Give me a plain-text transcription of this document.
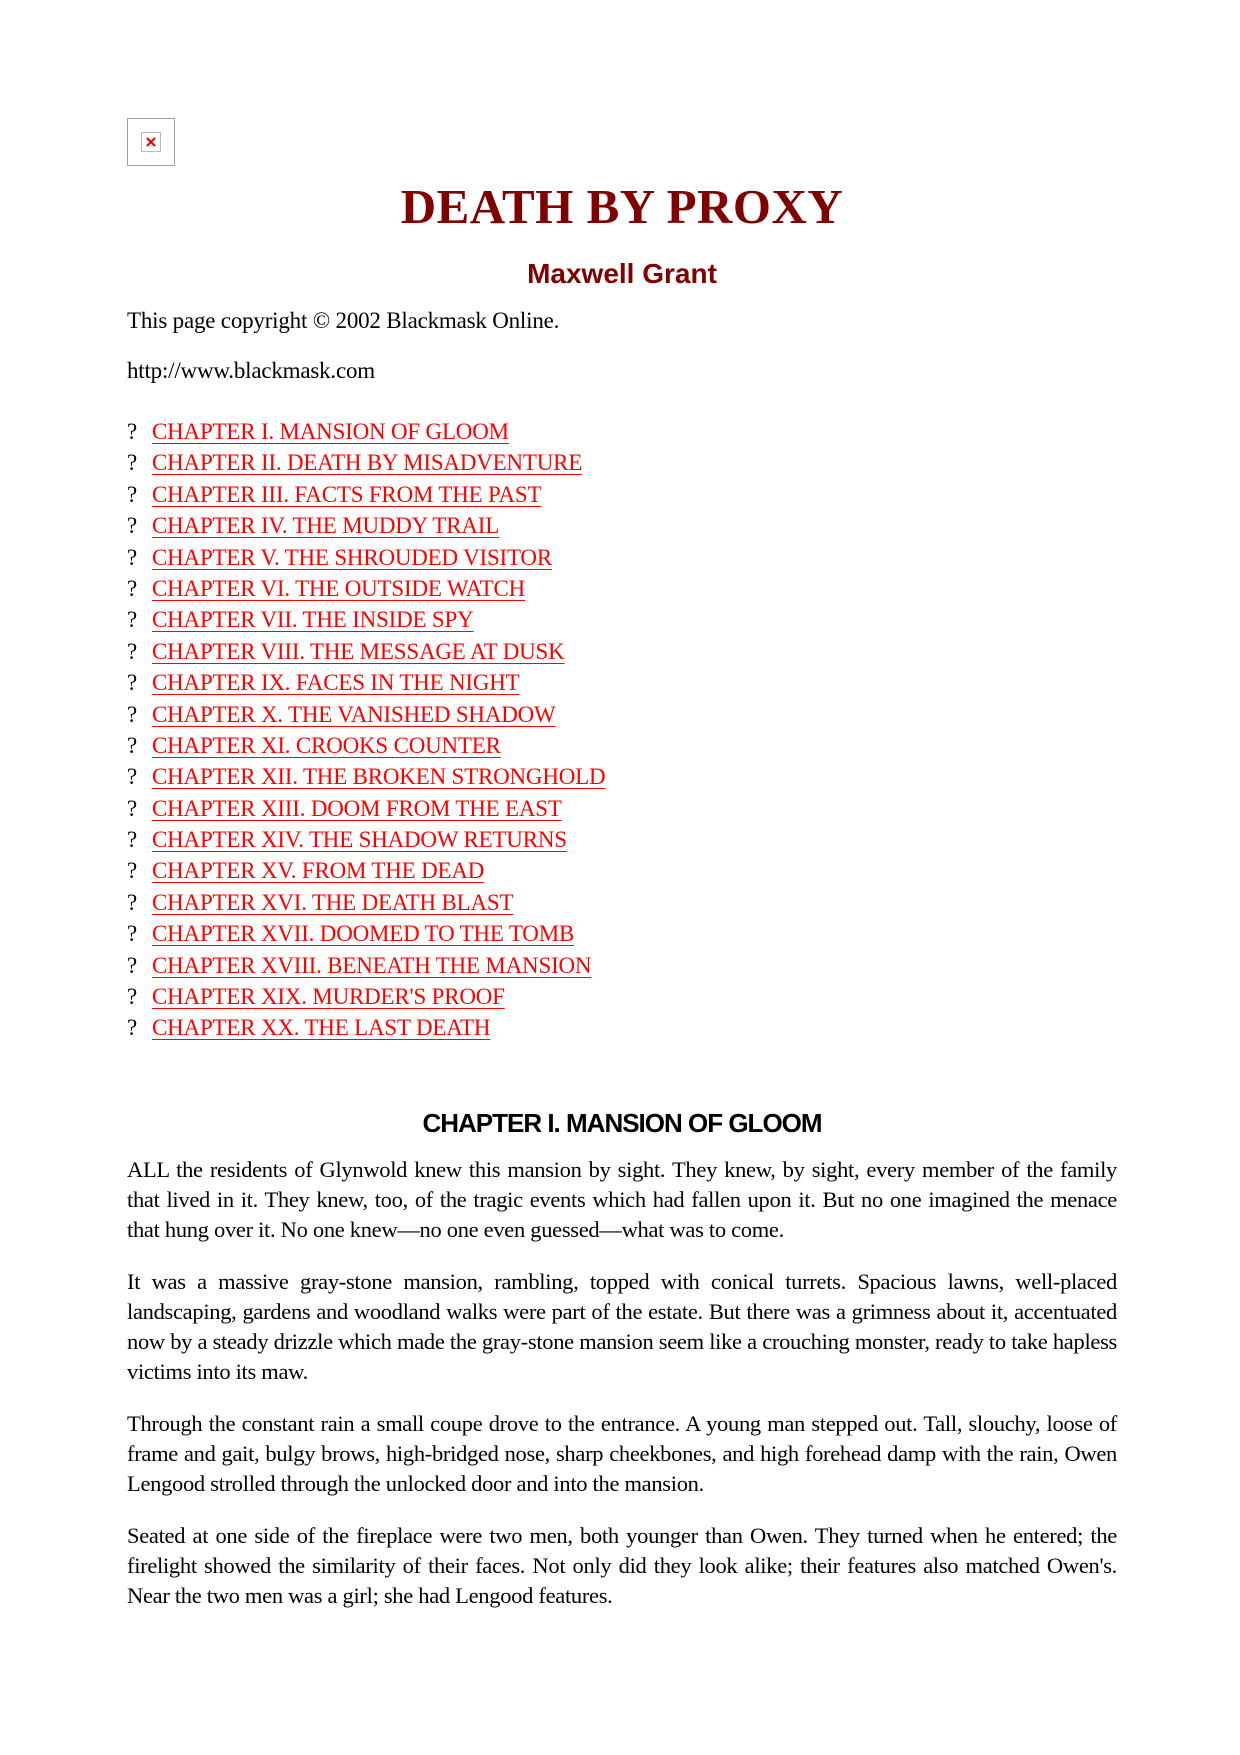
DEATH BY PROXY
Maxwell Grant

This page copyright © 2002 Blackmask Online.

http://www.blackmask.com

? CHAPTER I. MANSION OF GLOOM
? CHAPTER II. DEATH BY MISADVENTURE
? CHAPTER III. FACTS FROM THE PAST
? CHAPTER IV. THE MUDDY TRAIL
? CHAPTER V. THE SHROUDED VISITOR
? CHAPTER VI. THE OUTSIDE WATCH
? CHAPTER VII. THE INSIDE SPY
? CHAPTER VIII. THE MESSAGE AT DUSK
? CHAPTER IX. FACES IN THE NIGHT
? CHAPTER X. THE VANISHED SHADOW
? CHAPTER XI. CROOKS COUNTER
? CHAPTER XII. THE BROKEN STRONGHOLD
? CHAPTER XIII. DOOM FROM THE EAST
? CHAPTER XIV. THE SHADOW RETURNS
? CHAPTER XV. FROM THE DEAD
? CHAPTER XVI. THE DEATH BLAST
? CHAPTER XVII. DOOMED TO THE TOMB
? CHAPTER XVIII. BENEATH THE MANSION
? CHAPTER XIX. MURDER'S PROOF
? CHAPTER XX. THE LAST DEATH
CHAPTER I. MANSION OF GLOOM

ALL the residents of Glynwold knew this mansion by sight. They knew, by sight, every member of the family that lived in it. They knew, too, of the tragic events which had fallen upon it. But no one imagined the menace that hung over it. No one knew—no one even guessed—what was to come.

It was a massive gray-stone mansion, rambling, topped with conical turrets. Spacious lawns, well-placed landscaping, gardens and woodland walks were part of the estate. But there was a grimness about it, accentuated now by a steady drizzle which made the gray-stone mansion seem like a crouching monster, ready to take hapless victims into its maw.

Through the constant rain a small coupe drove to the entrance. A young man stepped out. Tall, slouchy, loose of frame and gait, bulgy brows, high-bridged nose, sharp cheekbones, and high forehead damp with the rain, Owen Lengood strolled through the unlocked door and into the mansion.

Seated at one side of the fireplace were two men, both younger than Owen. They turned when he entered; the firelight showed the similarity of their faces. Not only did they look alike; their features also matched Owen's. Near the two men was a girl; she had Lengood features.
